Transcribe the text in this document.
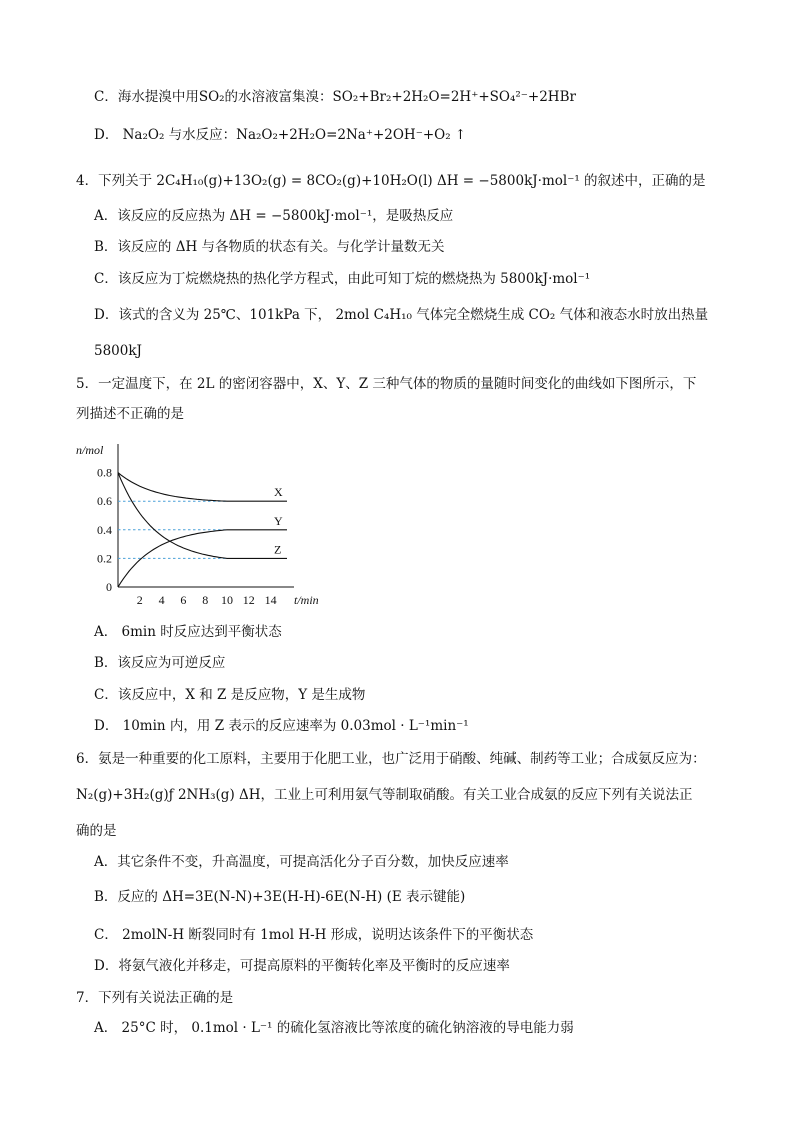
C．海水提溴中用SO₂的水溶液富集溴：SO₂+Br₂+2H₂O=2H⁺+SO₄²⁻+2HBr
D． Na₂O₂ 与水反应：Na₂O₂+2H₂O=2Na⁺+2OH⁻+O₂ ↑
4．下列关于 2C₄H₁₀(g)+13O₂(g) = 8CO₂(g)+10H₂O(l) ΔH = −5800kJ·mol⁻¹ 的叙述中，正确的是
A．该反应的反应热为 ΔH = −5800kJ·mol⁻¹，是吸热反应
B．该反应的 ΔH 与各物质的状态有关。与化学计量数无关
C．该反应为丁烷燃烧热的热化学方程式，由此可知丁烷的燃烧热为 5800kJ·mol⁻¹
D．该式的含义为 25℃、101kPa 下， 2mol C₄H₁₀ 气体完全燃烧生成 CO₂ 气体和液态水时放出热量
5800kJ
5．一定温度下，在 2L 的密闭容器中，X、Y、Z 三种气体的物质的量随时间变化的曲线如下图所示，下
列描述不正确的是
n/mol
t/min
0
0.2
0.4
0.6
0.8
2 4 6 8 10 12 14
X
Y
Z
A． 6min 时反应达到平衡状态
B．该反应为可逆反应
C．该反应中，X 和 Z 是反应物，Y 是生成物
D． 10min 内，用 Z 表示的反应速率为 0.03mol · L⁻¹min⁻¹
6．氨是一种重要的化工原料，主要用于化肥工业，也广泛用于硝酸、纯碱、制药等工业；合成氨反应为：
N₂(g)+3H₂(g)ƒ 2NH₃(g) ΔH，工业上可利用氨气等制取硝酸。有关工业合成氨的反应下列有关说法正
确的是
A．其它条件不变，升高温度，可提高活化分子百分数，加快反应速率
B．反应的 ΔH=3E(N-N)+3E(H-H)-6E(N-H) (E 表示键能)
C． 2molN-H 断裂同时有 1mol H-H 形成，说明达该条件下的平衡状态
D．将氨气液化并移走，可提高原料的平衡转化率及平衡时的反应速率
7．下列有关说法正确的是
A． 25°C 时， 0.1mol · L⁻¹ 的硫化氢溶液比等浓度的硫化钠溶液的导电能力弱
